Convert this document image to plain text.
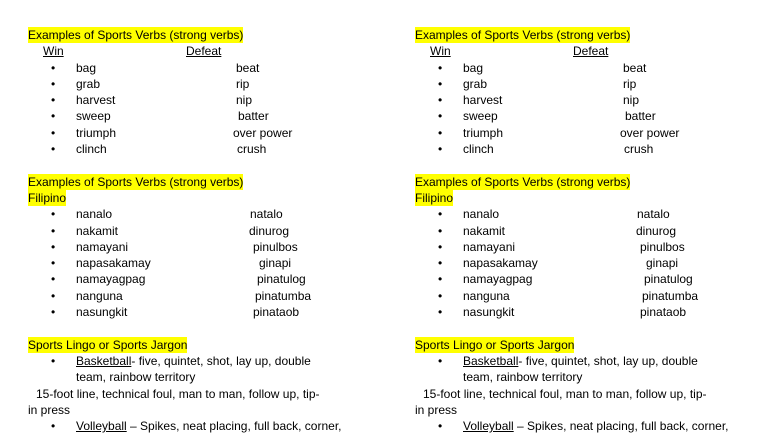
Examples of Sports Verbs (strong verbs)
Win	Defeat
• bag	beat
• grab	rip
• harvest	nip
• sweep	batter
• triumph	over power
• clinch	crush
Examples of Sports Verbs (strong verbs)
Filipino
• nanalo	natalo
• nakamit	dinurog
• namayani	pinulbos
• napasakamay	ginapi
• namayagpag	pinatulog
• nanguna	pinatumba
• nasungkit	pinataob
Sports Lingo or Sports Jargon
• Basketball- five, quintet, shot, lay up, double
team, rainbow territory
15-foot line, technical foul, man to man, follow up, tip-
in press
• Volleyball – Spikes, neat placing, full back, corner,
Examples of Sports Verbs (strong verbs)
Win	Defeat
• bag	beat
• grab	rip
• harvest	nip
• sweep	batter
• triumph	over power
• clinch	crush
Examples of Sports Verbs (strong verbs)
Filipino
• nanalo	natalo
• nakamit	dinurog
• namayani	pinulbos
• napasakamay	ginapi
• namayagpag	pinatulog
• nanguna	pinatumba
• nasungkit	pinataob
Sports Lingo or Sports Jargon
• Basketball- five, quintet, shot, lay up, double
team, rainbow territory
15-foot line, technical foul, man to man, follow up, tip-
in press
• Volleyball – Spikes, neat placing, full back, corner,
